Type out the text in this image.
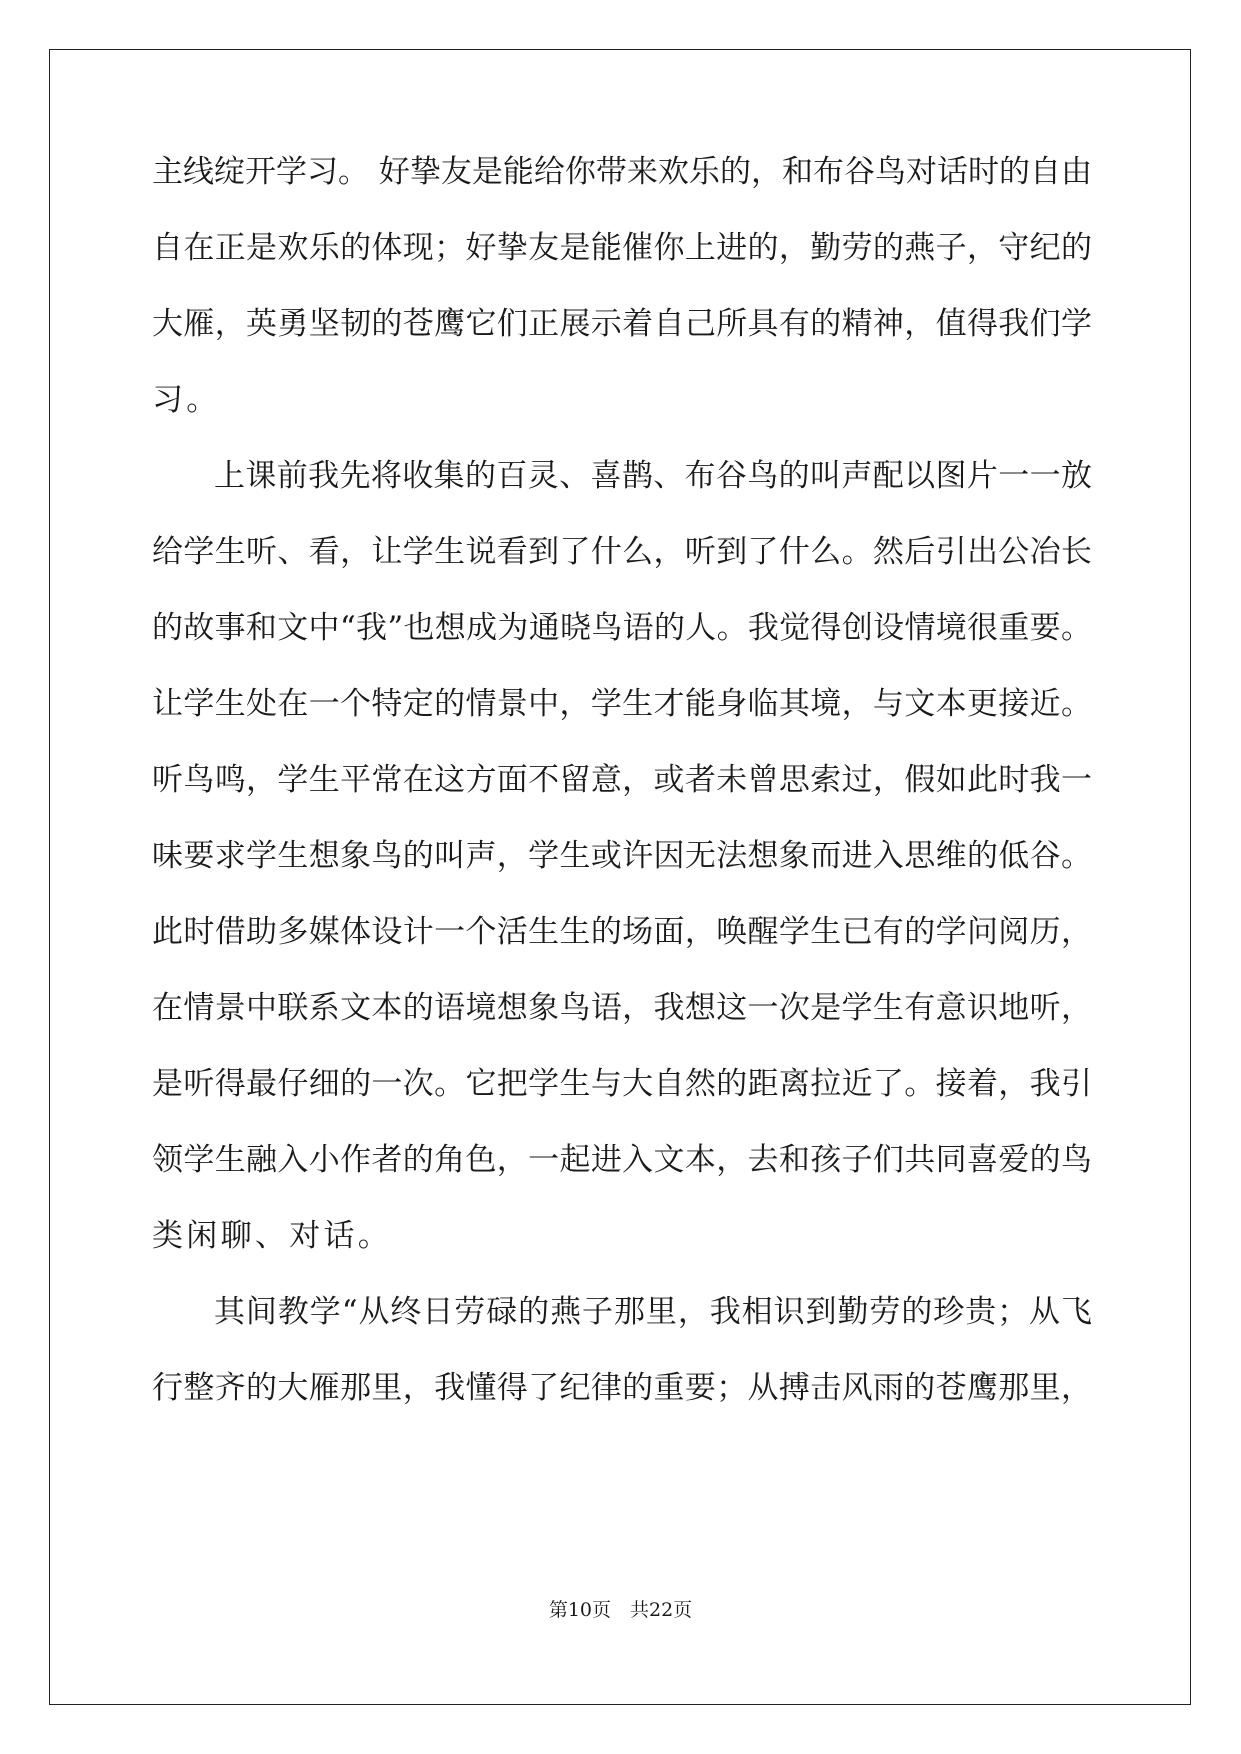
主线绽开学习。 好挚友是能给你带来欢乐的，和布谷鸟对话时的自由

自在正是欢乐的体现；好挚友是能催你上进的，勤劳的燕子，守纪的

大雁，英勇坚韧的苍鹰它们正展示着自己所具有的精神，值得我们学

习。

上课前我先将收集的百灵、喜鹊、布谷鸟的叫声配以图片一一放

给学生听、看，让学生说看到了什么，听到了什么。然后引出公冶长

的故事和文中“我”也想成为通晓鸟语的人。我觉得创设情境很重要。

让学生处在一个特定的情景中，学生才能身临其境，与文本更接近。

听鸟鸣，学生平常在这方面不留意，或者未曾思索过，假如此时我一

味要求学生想象鸟的叫声，学生或许因无法想象而进入思维的低谷。

此时借助多媒体设计一个活生生的场面，唤醒学生已有的学问阅历，

在情景中联系文本的语境想象鸟语，我想这一次是学生有意识地听，

是听得最仔细的一次。它把学生与大自然的距离拉近了。接着，我引

领学生融入小作者的角色，一起进入文本，去和孩子们共同喜爱的鸟

类闲聊、对话。

其间教学“从终日劳碌的燕子那里，我相识到勤劳的珍贵；从飞

行整齐的大雁那里，我懂得了纪律的重要；从搏击风雨的苍鹰那里，

第10页　共22页
